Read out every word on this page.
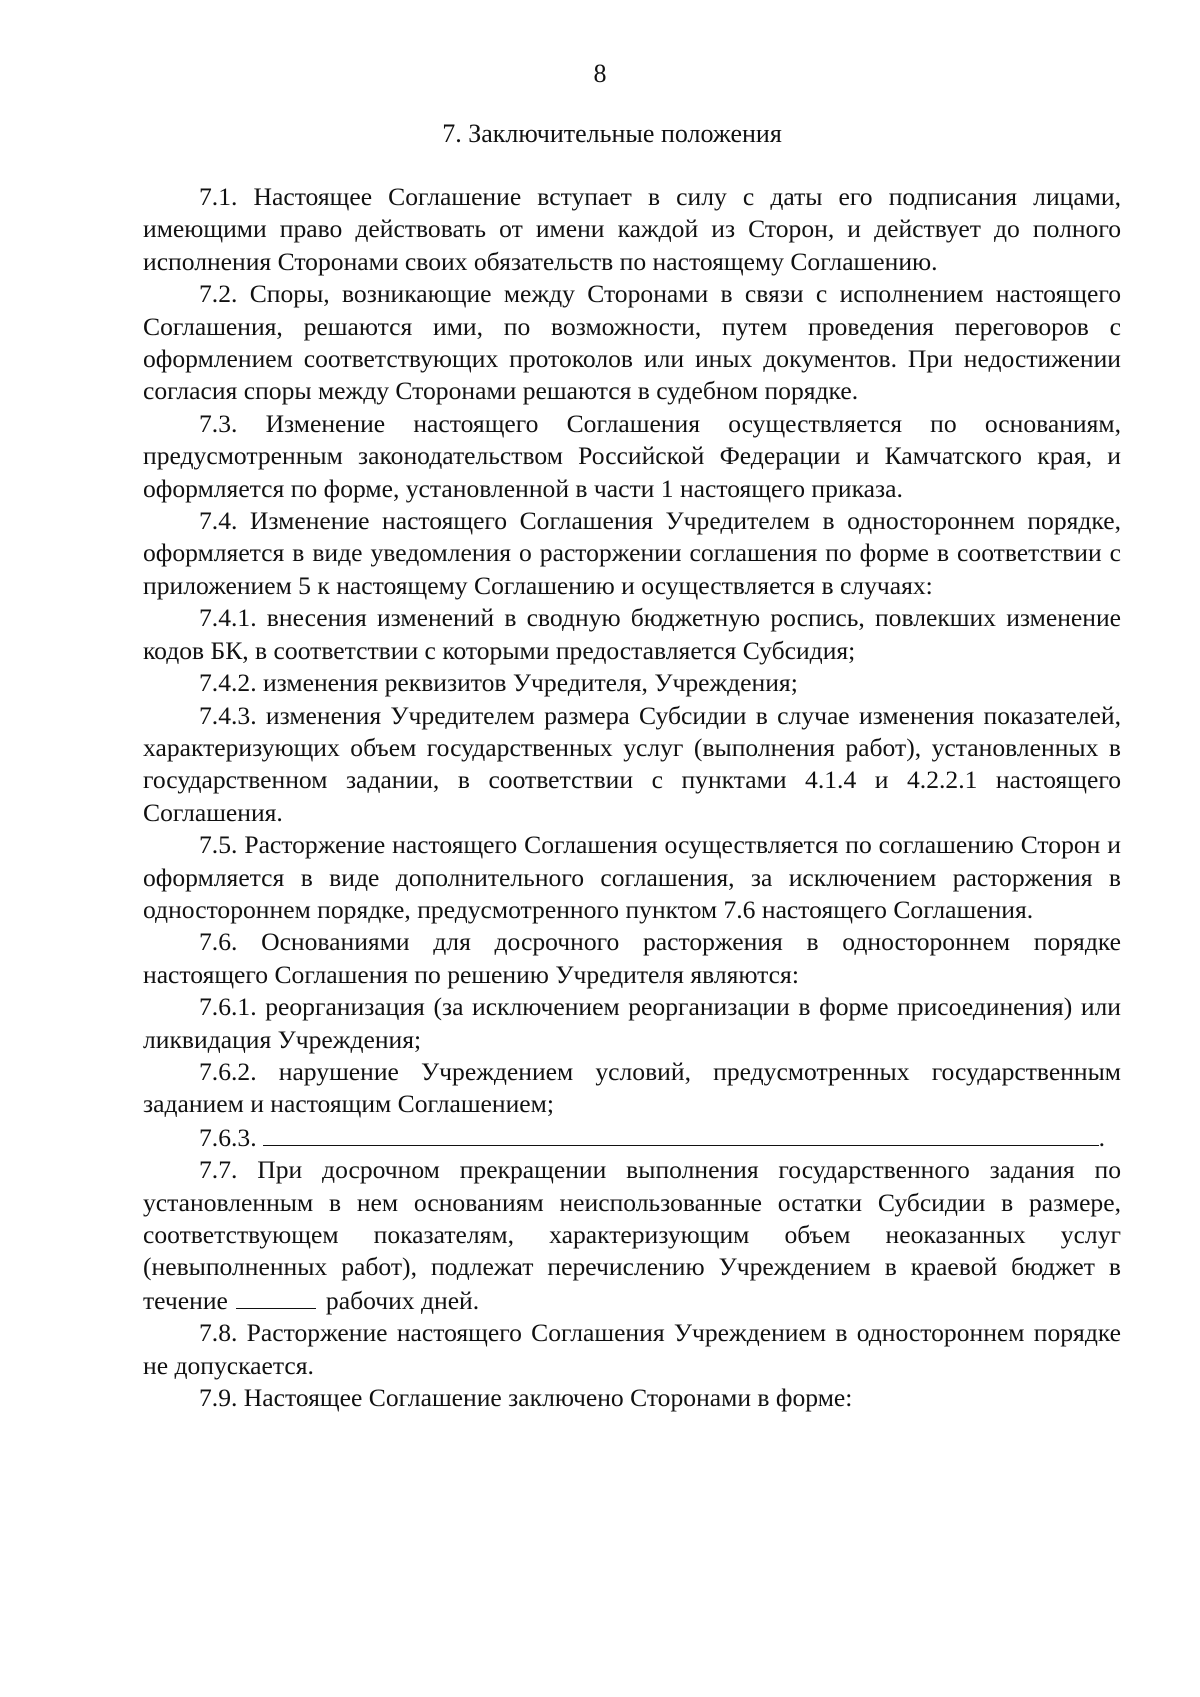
8
7. Заключительные положения

7.1. Настоящее Соглашение вступает в силу с даты его подписания лицами, имеющими право действовать от имени каждой из Сторон, и действует до полного исполнения Сторонами своих обязательств по настоящему Соглашению.

7.2. Споры, возникающие между Сторонами в связи с исполнением настоящего Соглашения, решаются ими, по возможности, путем проведения переговоров с оформлением соответствующих протоколов или иных документов. При недостижении согласия споры между Сторонами решаются в судебном порядке.

7.3. Изменение настоящего Соглашения осуществляется по основаниям, предусмотренным законодательством Российской Федерации и Камчатского края, и оформляется по форме, установленной в части 1 настоящего приказа.

7.4. Изменение настоящего Соглашения Учредителем в одностороннем порядке, оформляется в виде уведомления о расторжении соглашения по форме в соответствии с приложением 5 к настоящему Соглашению и осуществляется в случаях:

7.4.1. внесения изменений в сводную бюджетную роспись, повлекших изменение кодов БК, в соответствии с которыми предоставляется Субсидия;

7.4.2. изменения реквизитов Учредителя, Учреждения;

7.4.3. изменения Учредителем размера Субсидии в случае изменения показателей, характеризующих объем государственных услуг (выполнения работ), установленных в государственном задании, в соответствии с пунктами 4.1.4 и 4.2.2.1 настоящего Соглашения.

7.5. Расторжение настоящего Соглашения осуществляется по соглашению Сторон и оформляется в виде дополнительного соглашения, за исключением расторжения в одностороннем порядке, предусмотренного пунктом 7.6 настоящего Соглашения.

7.6. Основаниями для досрочного расторжения в одностороннем порядке настоящего Соглашения по решению Учредителя являются:

7.6.1. реорганизация (за исключением реорганизации в форме присоединения) или ликвидация Учреждения;

7.6.2. нарушение Учреждением условий, предусмотренных государственным заданием и настоящим Соглашением;

7.6.3.	.

7.7. При досрочном прекращении выполнения государственного задания по установленным в нем основаниям неиспользованные остатки Субсидии в размере, соответствующем показателям, характеризующим объем неоказанных услуг (невыполненных работ), подлежат перечислению Учреждением в краевой бюджет в течение	рабочих дней.

7.8. Расторжение настоящего Соглашения Учреждением в одностороннем порядке не допускается.

7.9. Настоящее Соглашение заключено Сторонами в форме:
